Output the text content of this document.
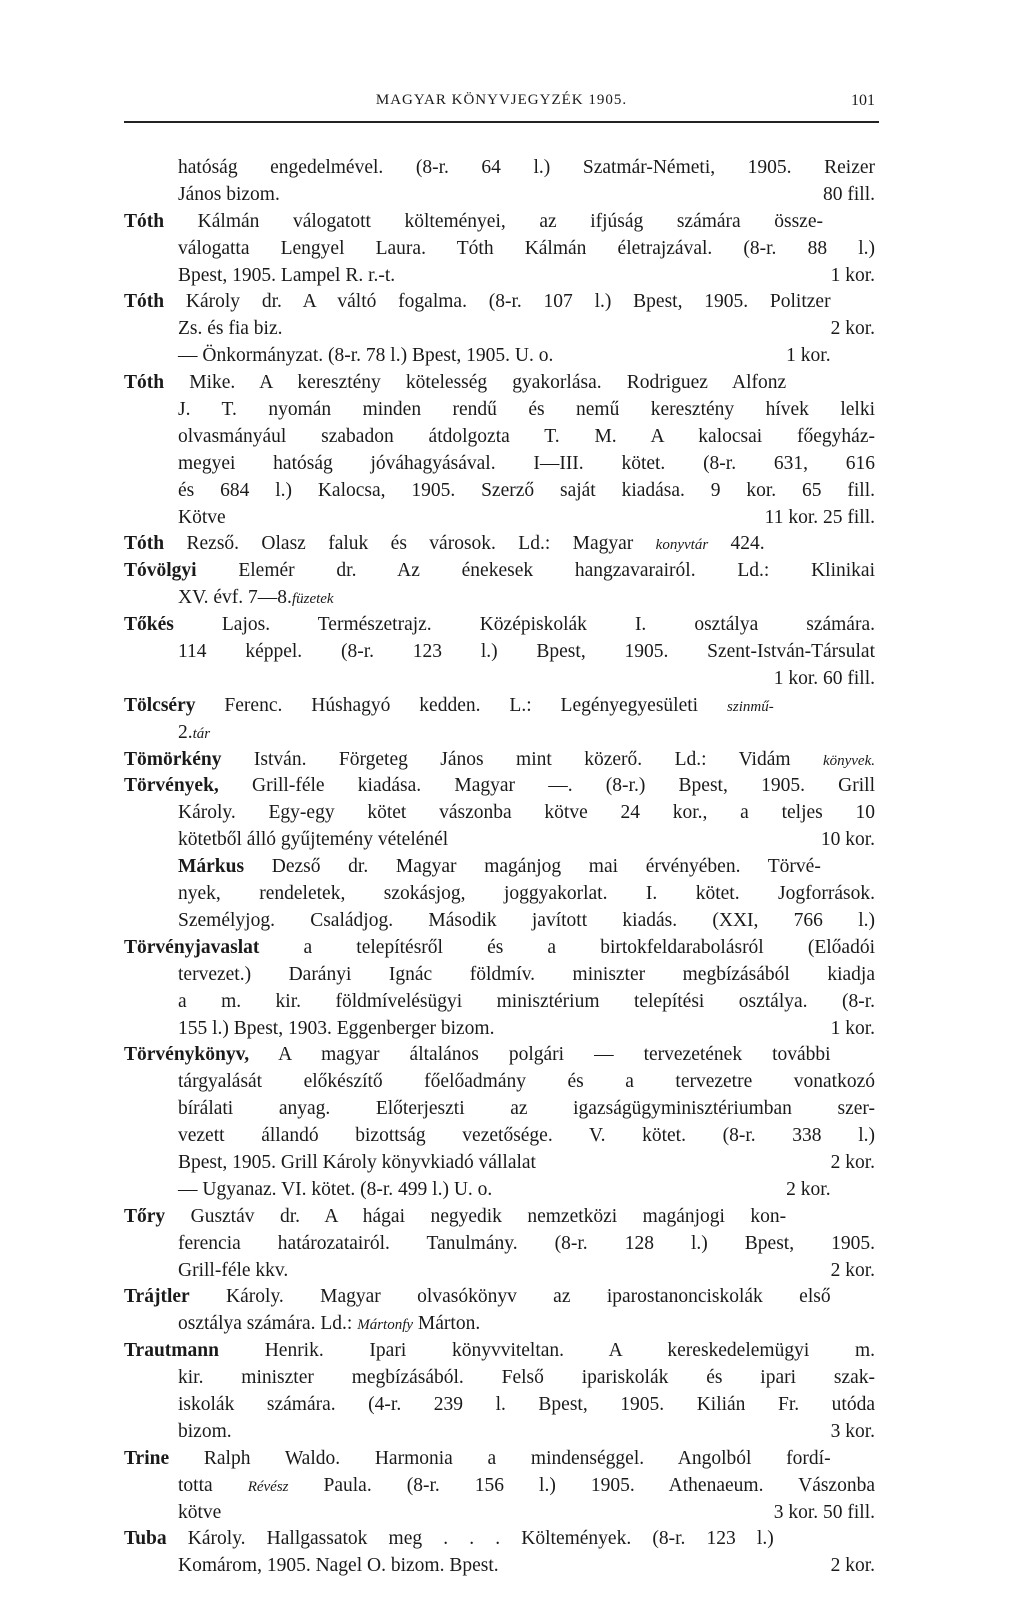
MAGYAR KÖNYVJEGYZÉK 1905.	101
hatóság engedelmével. (8-r. 64 l.) Szatmár-Németi, 1905. Reizer
80 fill.
János bizom.
Tóth Kálmán válogatott költeményei, az ifjúság számára össze-
válogatta Lengyel Laura. Tóth Kálmán életrajzával. (8-r. 88 l.)
1 kor.
Bpest, 1905. Lampel R. r.-t.
Tóth Károly dr. A váltó fogalma. (8-r. 107 l.) Bpest, 1905. Politzer
2 kor.
Zs. és fia biz.
1 kor.
— Önkormányzat. (8-r. 78 l.) Bpest, 1905. U. o.
Tóth Mike. A keresztény kötelesség gyakorlása. Rodriguez Alfonz
J. T. nyomán minden rendű és nemű keresztény hívek lelki
olvasmányául szabadon átdolgozta T. M. A kalocsai főegyház-
megyei hatóság jóváhagyásával. I—III. kötet. (8-r. 631, 616
és 684 l.) Kalocsa, 1905. Szerző saját kiadása. 9 kor. 65 fill.
11 kor. 25 fill.
Kötve
Tóth Rezső. Olasz faluk és városok. Ld.: Magyar konyvtár 424.
Tóvölgyi Elemér dr. Az énekesek hangzavarairól. Ld.: Klinikai
XV. évf. 7—8.füzetek
Tőkés Lajos. Természetrajz. Középiskolák I. osztálya számára.
114 képpel. (8-r. 123 l.) Bpest, 1905. Szent-István-Társulat
1 kor. 60 fill.
Tölcséry Ferenc. Húshagyó kedden. L.: Legényegyesületi szinmű-
2.tár
Tömörkény István. Förgeteg János mint közerő. Ld.: Vidám könyvek.
Törvények, Grill-féle kiadása. Magyar —. (8-r.) Bpest, 1905. Grill
Károly. Egy-egy kötet vászonba kötve 24 kor., a teljes 10
10 kor.
kötetből álló gyűjtemény vételénél
Márkus Dezső dr. Magyar magánjog mai érvényében. Törvé-
nyek, rendeletek, szokásjog, joggyakorlat. I. kötet. Jogforrások.
Személyjog. Családjog. Második javított kiadás. (XXI, 766 l.)
Törvényjavaslat a telepítésről és a birtokfeldarabolásról (Előadói
tervezet.) Darányi Ignác földmív. miniszter megbízásából kiadja
a m. kir. földmívelésügyi minisztérium telepítési osztálya. (8-r.
1 kor.
155 l.) Bpest, 1903. Eggenberger bizom.
Törvénykönyv, A magyar általános polgári — tervezetének további
tárgyalását előkészítő főelőadmány és a tervezetre vonatkozó
bírálati anyag. Előterjeszti az igazságügyminisztériumban szer-
vezett állandó bizottság vezetősége. V. kötet. (8-r. 338 l.)
2 kor.
Bpest, 1905. Grill Károly könyvkiadó vállalat
2 kor.
— Ugyanaz. VI. kötet. (8-r. 499 l.) U. o.
Tőry Gusztáv dr. A hágai negyedik nemzetközi magánjogi kon-
ferencia határozatairól. Tanulmány. (8-r. 128 l.) Bpest, 1905.
2 kor.
Grill-féle kkv.
Trájtler Károly. Magyar olvasókönyv az iparostanonciskolák első
osztálya számára. Ld.: Mártonfy Márton.
Trautmann Henrik. Ipari könyvviteltan. A kereskedelemügyi m.
kir. miniszter megbízásából. Felső ipariskolák és ipari szak-
iskolák számára. (4-r. 239 l. Bpest, 1905. Kilián Fr. utóda
3 kor.
bizom.
Trine Ralph Waldo. Harmonia a mindenséggel. Angolból fordí-
totta Révész Paula. (8-r. 156 l.) 1905. Athenaeum. Vászonba
3 kor. 50 fill.
kötve
Tuba Károly. Hallgassatok meg . . . Költemények. (8-r. 123 l.)
2 kor.
Komárom, 1905. Nagel O. bizom. Bpest.
